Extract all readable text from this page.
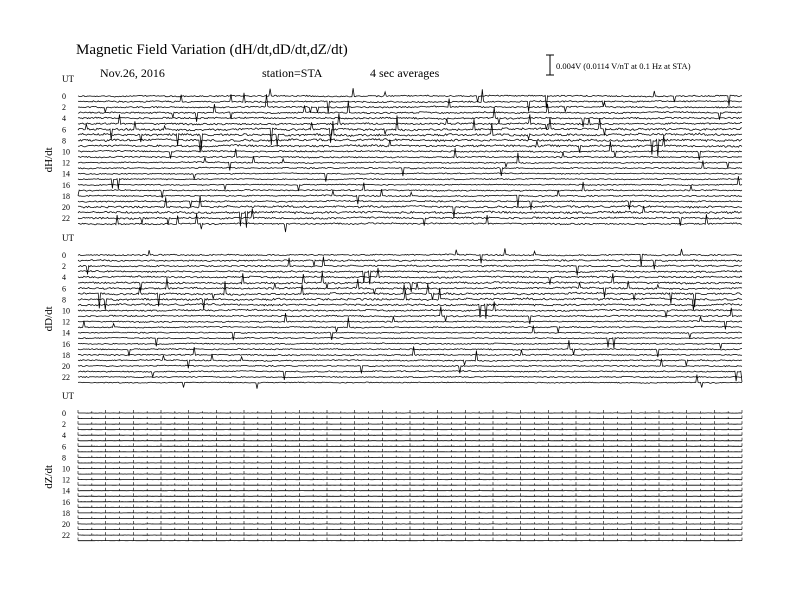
Magnetic Field Variation (dH/dt,dD/dt,dZ/dt)
Nov.26, 2016	station=STA	4 sec averages	0.004V (0.0114 V/nT at 0.1 Hz at STA)
UT
dH/dt
0
2
4
6
8
10
12
14
16
18
20
22
UT
dD/dt
0
2
4
6
8
10
12
14
16
18
20
22
UT
dZ/dt
0
2
4
6
8
10
12
14
16
18
20
22
